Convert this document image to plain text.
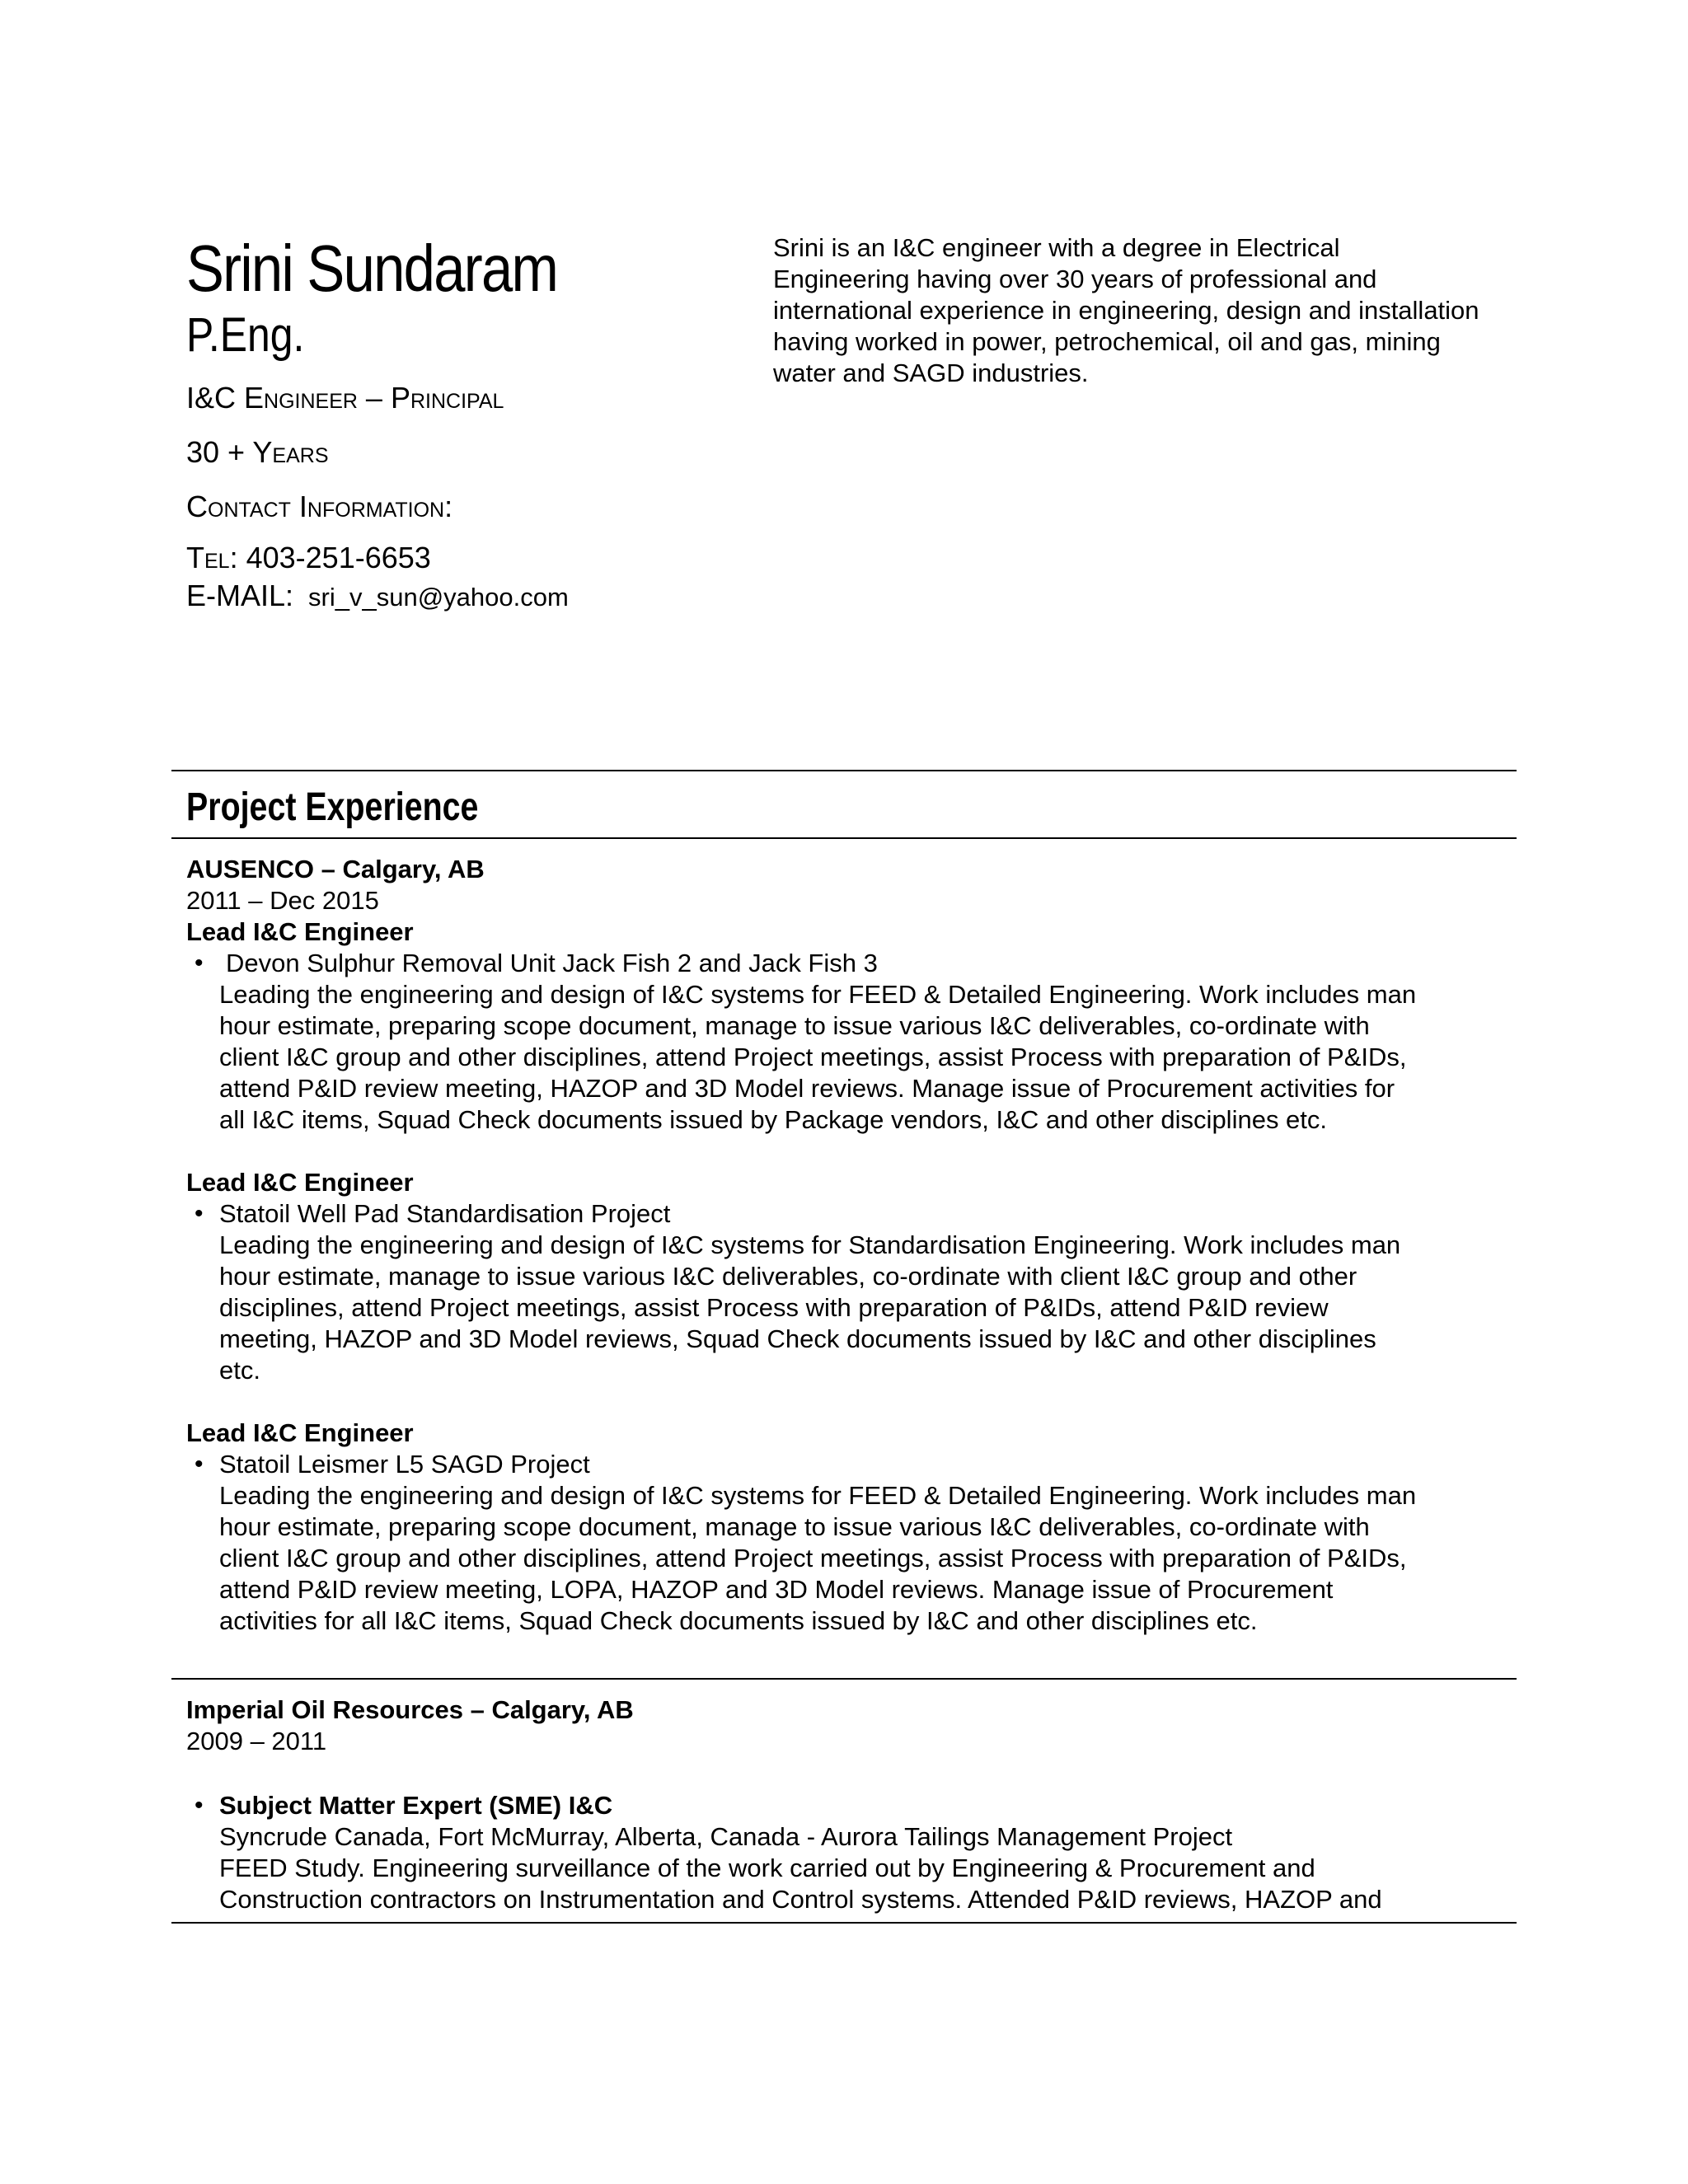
Srini Sundaram
P.Eng.
I&C Engineer – Principal
30 + Years
Contact Information:
Tel: 403-251-6653
E-MAIL: sri_v_sun@yahoo.com
Srini is an I&C engineer with a degree in Electrical
Engineering having over 30 years of professional and
international experience in engineering, design and installation
having worked in power, petrochemical, oil and gas, mining
water and SAGD industries.
Project Experience
AUSENCO – Calgary, AB
2011 – Dec 2015
Lead I&C Engineer
• Devon Sulphur Removal Unit Jack Fish 2 and Jack Fish 3
Leading the engineering and design of I&C systems for FEED & Detailed Engineering. Work includes man
hour estimate, preparing scope document, manage to issue various I&C deliverables, co-ordinate with
client I&C group and other disciplines, attend Project meetings, assist Process with preparation of P&IDs,
attend P&ID review meeting, HAZOP and 3D Model reviews. Manage issue of Procurement activities for
all I&C items, Squad Check documents issued by Package vendors, I&C and other disciplines etc.
Lead I&C Engineer
• Statoil Well Pad Standardisation Project
Leading the engineering and design of I&C systems for Standardisation Engineering. Work includes man
hour estimate, manage to issue various I&C deliverables, co-ordinate with client I&C group and other
disciplines, attend Project meetings, assist Process with preparation of P&IDs, attend P&ID review
meeting, HAZOP and 3D Model reviews, Squad Check documents issued by I&C and other disciplines
etc.
Lead I&C Engineer
• Statoil Leismer L5 SAGD Project
Leading the engineering and design of I&C systems for FEED & Detailed Engineering. Work includes man
hour estimate, preparing scope document, manage to issue various I&C deliverables, co-ordinate with
client I&C group and other disciplines, attend Project meetings, assist Process with preparation of P&IDs,
attend P&ID review meeting, LOPA, HAZOP and 3D Model reviews. Manage issue of Procurement
activities for all I&C items, Squad Check documents issued by I&C and other disciplines etc.
Imperial Oil Resources – Calgary, AB
2009 – 2011
• Subject Matter Expert (SME) I&C
Syncrude Canada, Fort McMurray, Alberta, Canada - Aurora Tailings Management Project
FEED Study. Engineering surveillance of the work carried out by Engineering & Procurement and
Construction contractors on Instrumentation and Control systems. Attended P&ID reviews, HAZOP and
